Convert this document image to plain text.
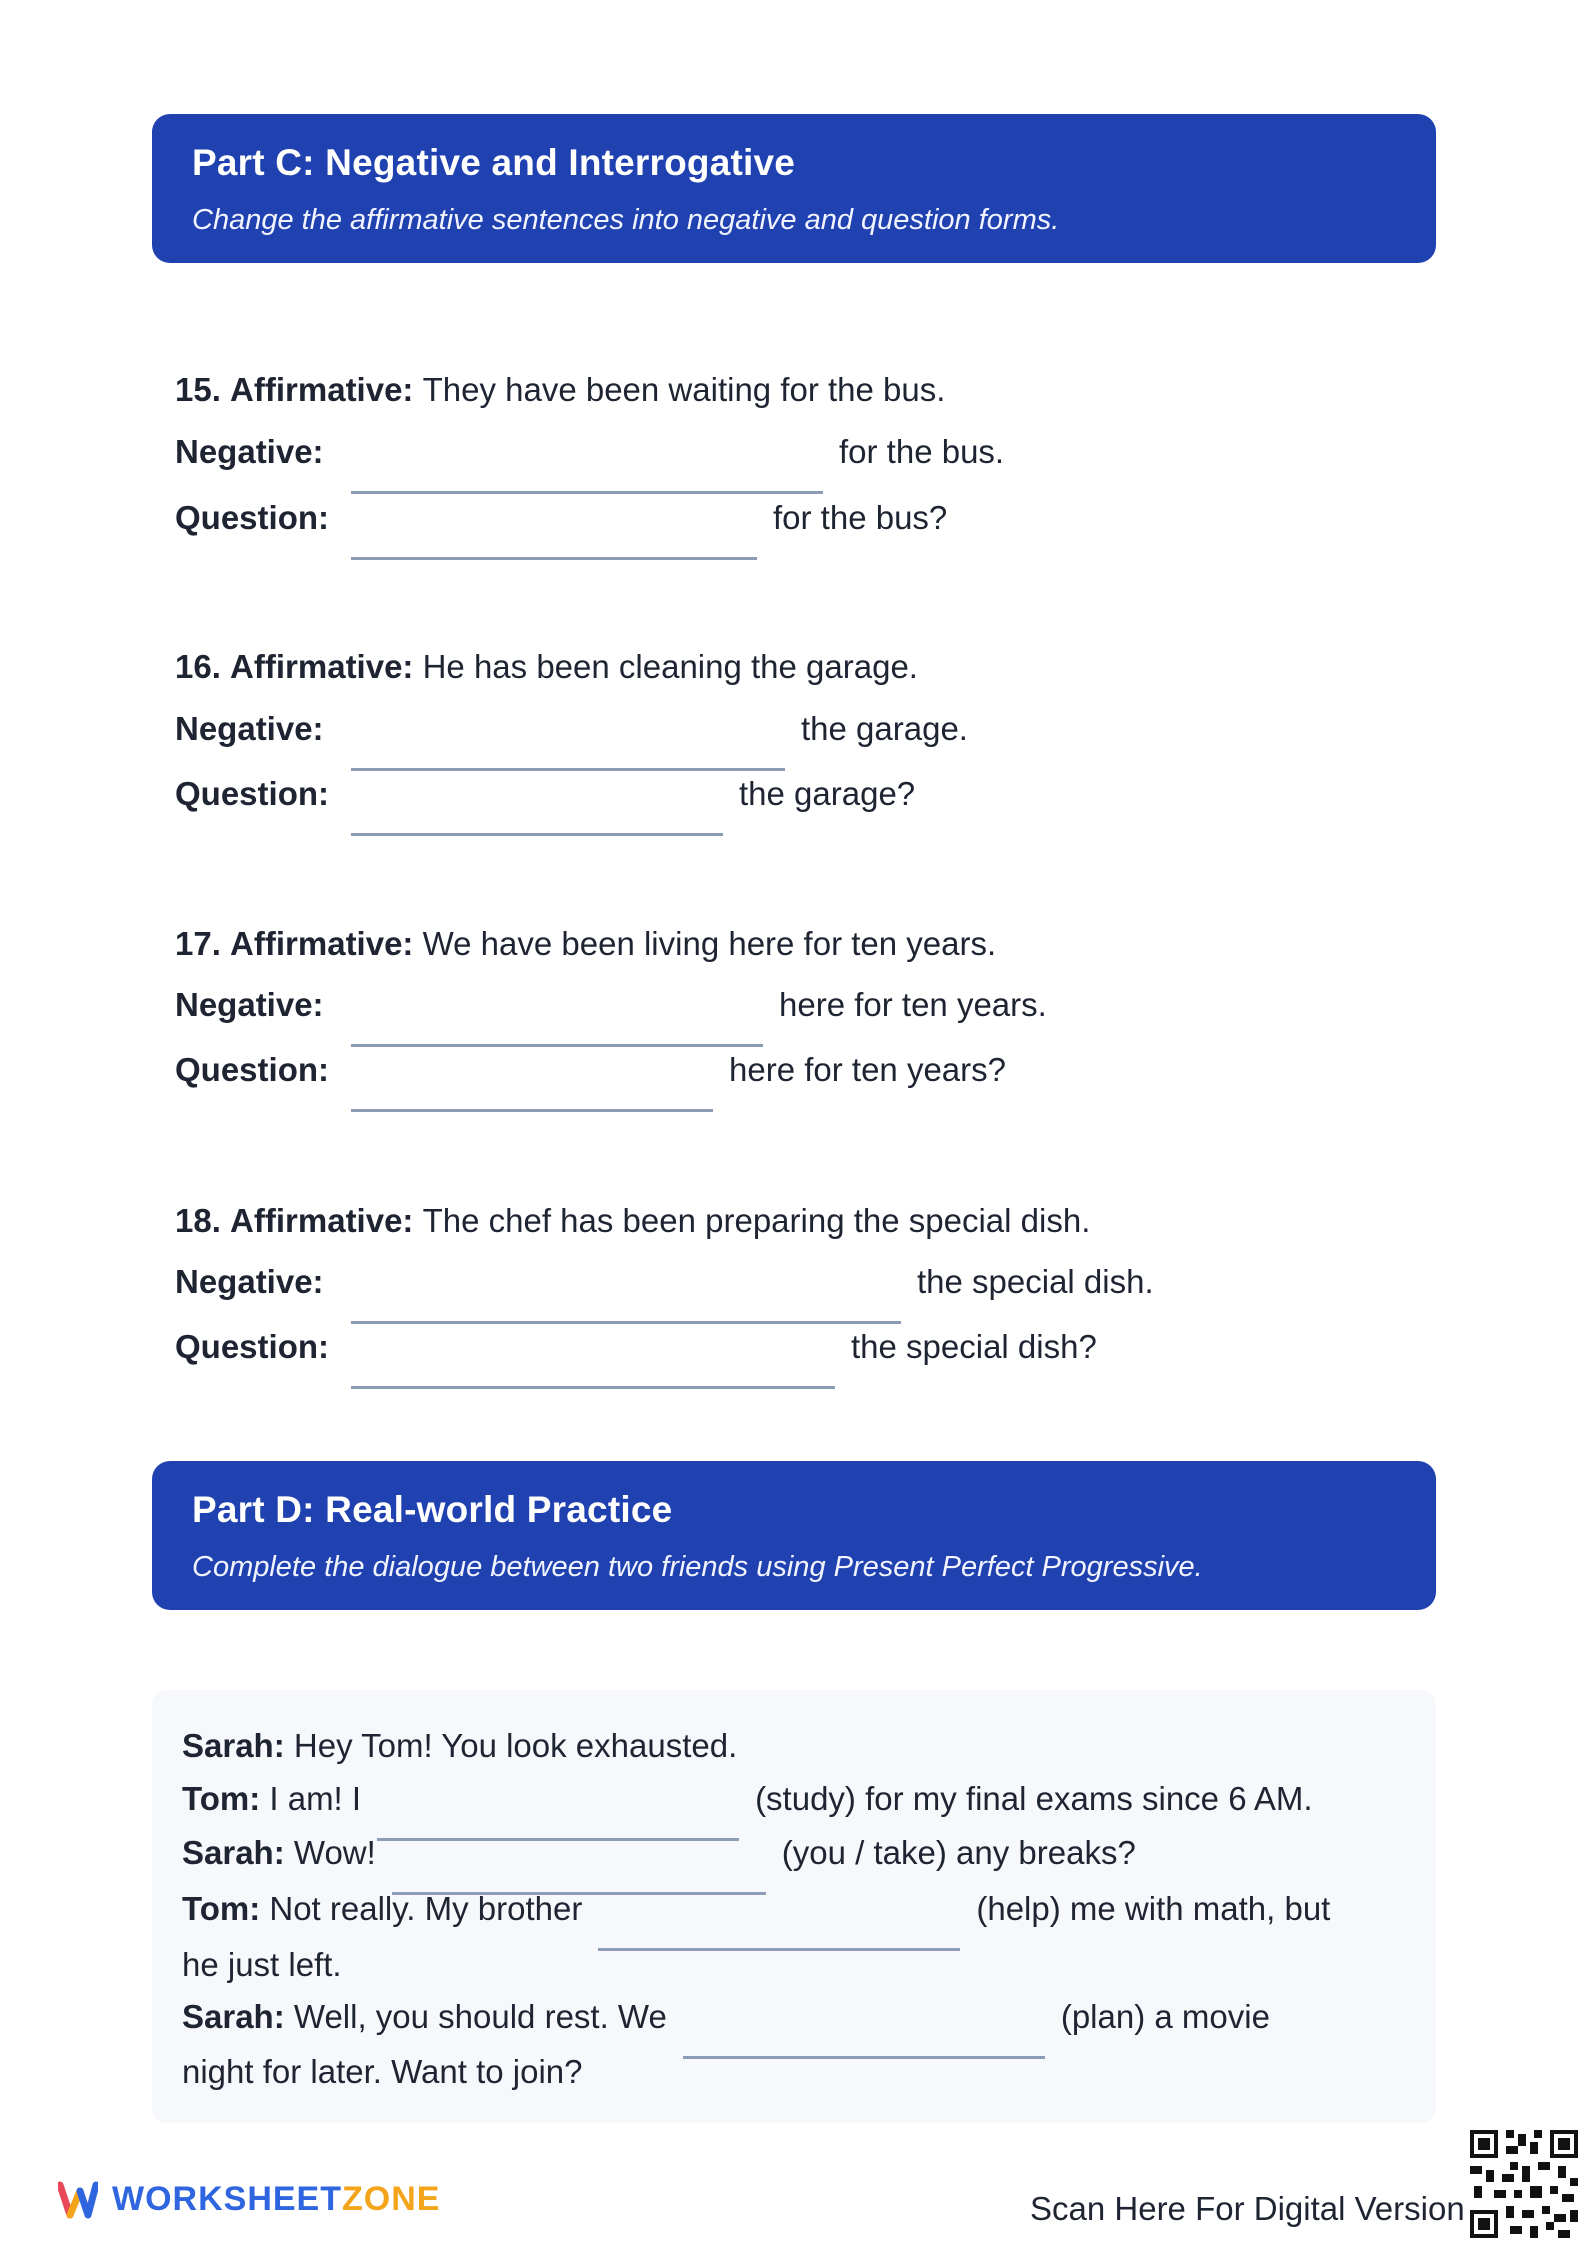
Part C: Negative and Interrogative
Change the affirmative sentences into negative and question forms.
15.
Affirmative:
They have been waiting for the bus.
Negative:	for the bus.
Question:	for the bus?
16.
Affirmative:
He has been cleaning the garage.
Negative:	the garage.
Question:	the garage?
17.
Affirmative:
We have been living here for ten years.
Negative:	here for ten years.
Question:	here for ten years?
18.
Affirmative:
The chef has been preparing the special dish.
Negative:	the special dish.
Question:	the special dish?
Part D: Real-world Practice
Complete the dialogue between two friends using Present Perfect Progressive.
Sarah:
Hey Tom! You look exhausted.
Tom:
I am! I	(study) for my final exams since 6 AM.
Sarah:
Wow!	(you / take) any breaks?
Tom:
Not really. My brother	(help) me with math, but
he just left.
Sarah:
Well, you should rest. We	(plan) a movie
night for later. Want to join?
WORKSHEETZONE	Scan Here For Digital Version
